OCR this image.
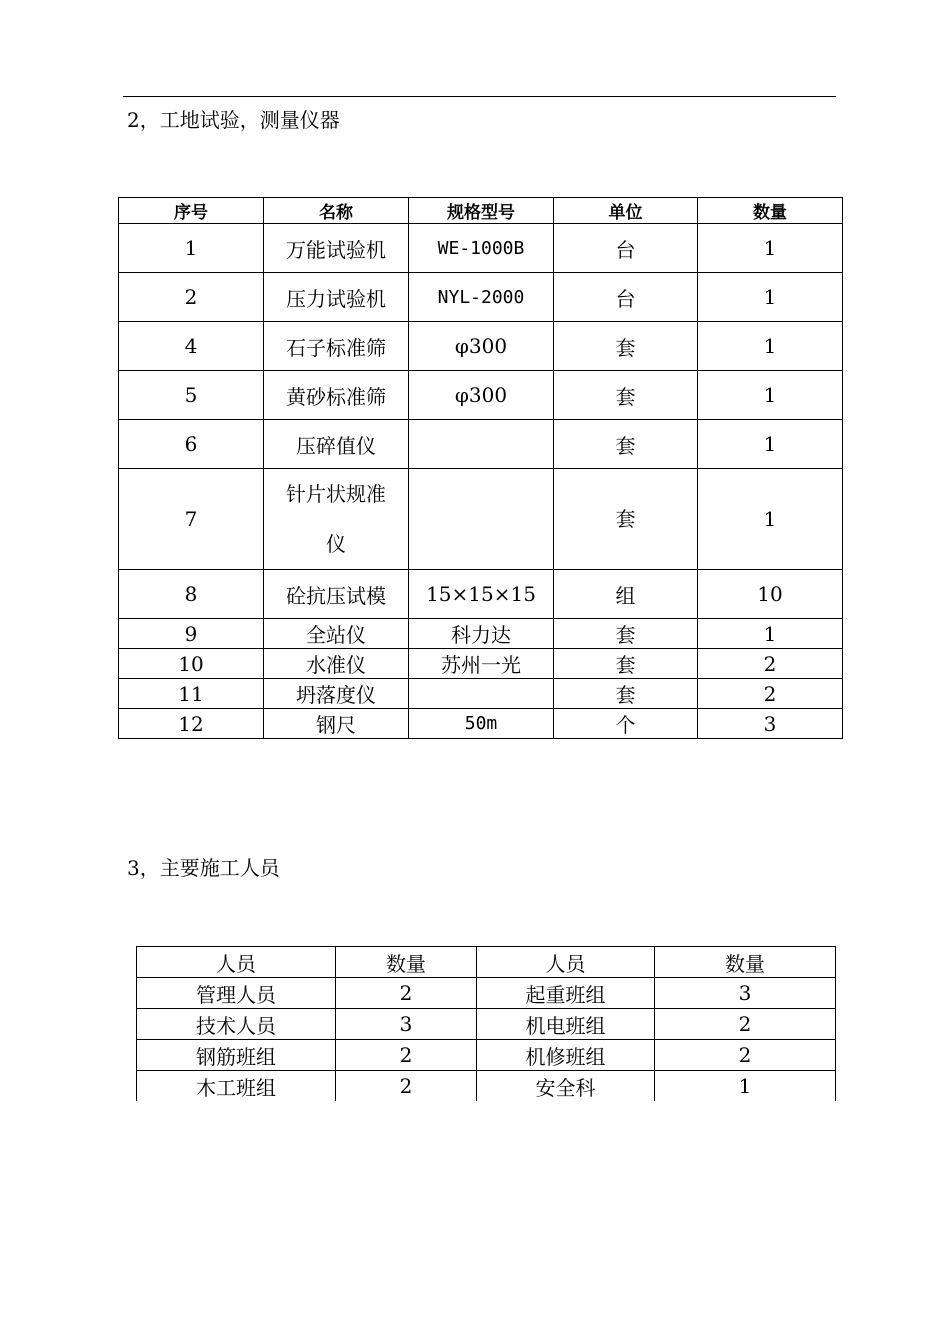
2，工地试验，测量仪器
序号	名称	规格型号	单位	数量
1	万能试验机	WE-1000B	台	1
2	压力试验机	NYL-2000	台	1
4	石子标准筛	φ300	套	1
5	黄砂标准筛	φ300	套	1
6	压碎值仪		套	1
7	针片状规准仪		套	1
8	砼抗压试模	15×15×15	组	10
9	全站仪	科力达	套	1
10	水准仪	苏州一光	套	2
11	坍落度仪		套	2
12	钢尺	50m	个	3
3，主要施工人员
人员	数量	人员	数量
管理人员	2	起重班组	3
技术人员	3	机电班组	2
钢筋班组	2	机修班组	2
木工班组	2	安全科	1
